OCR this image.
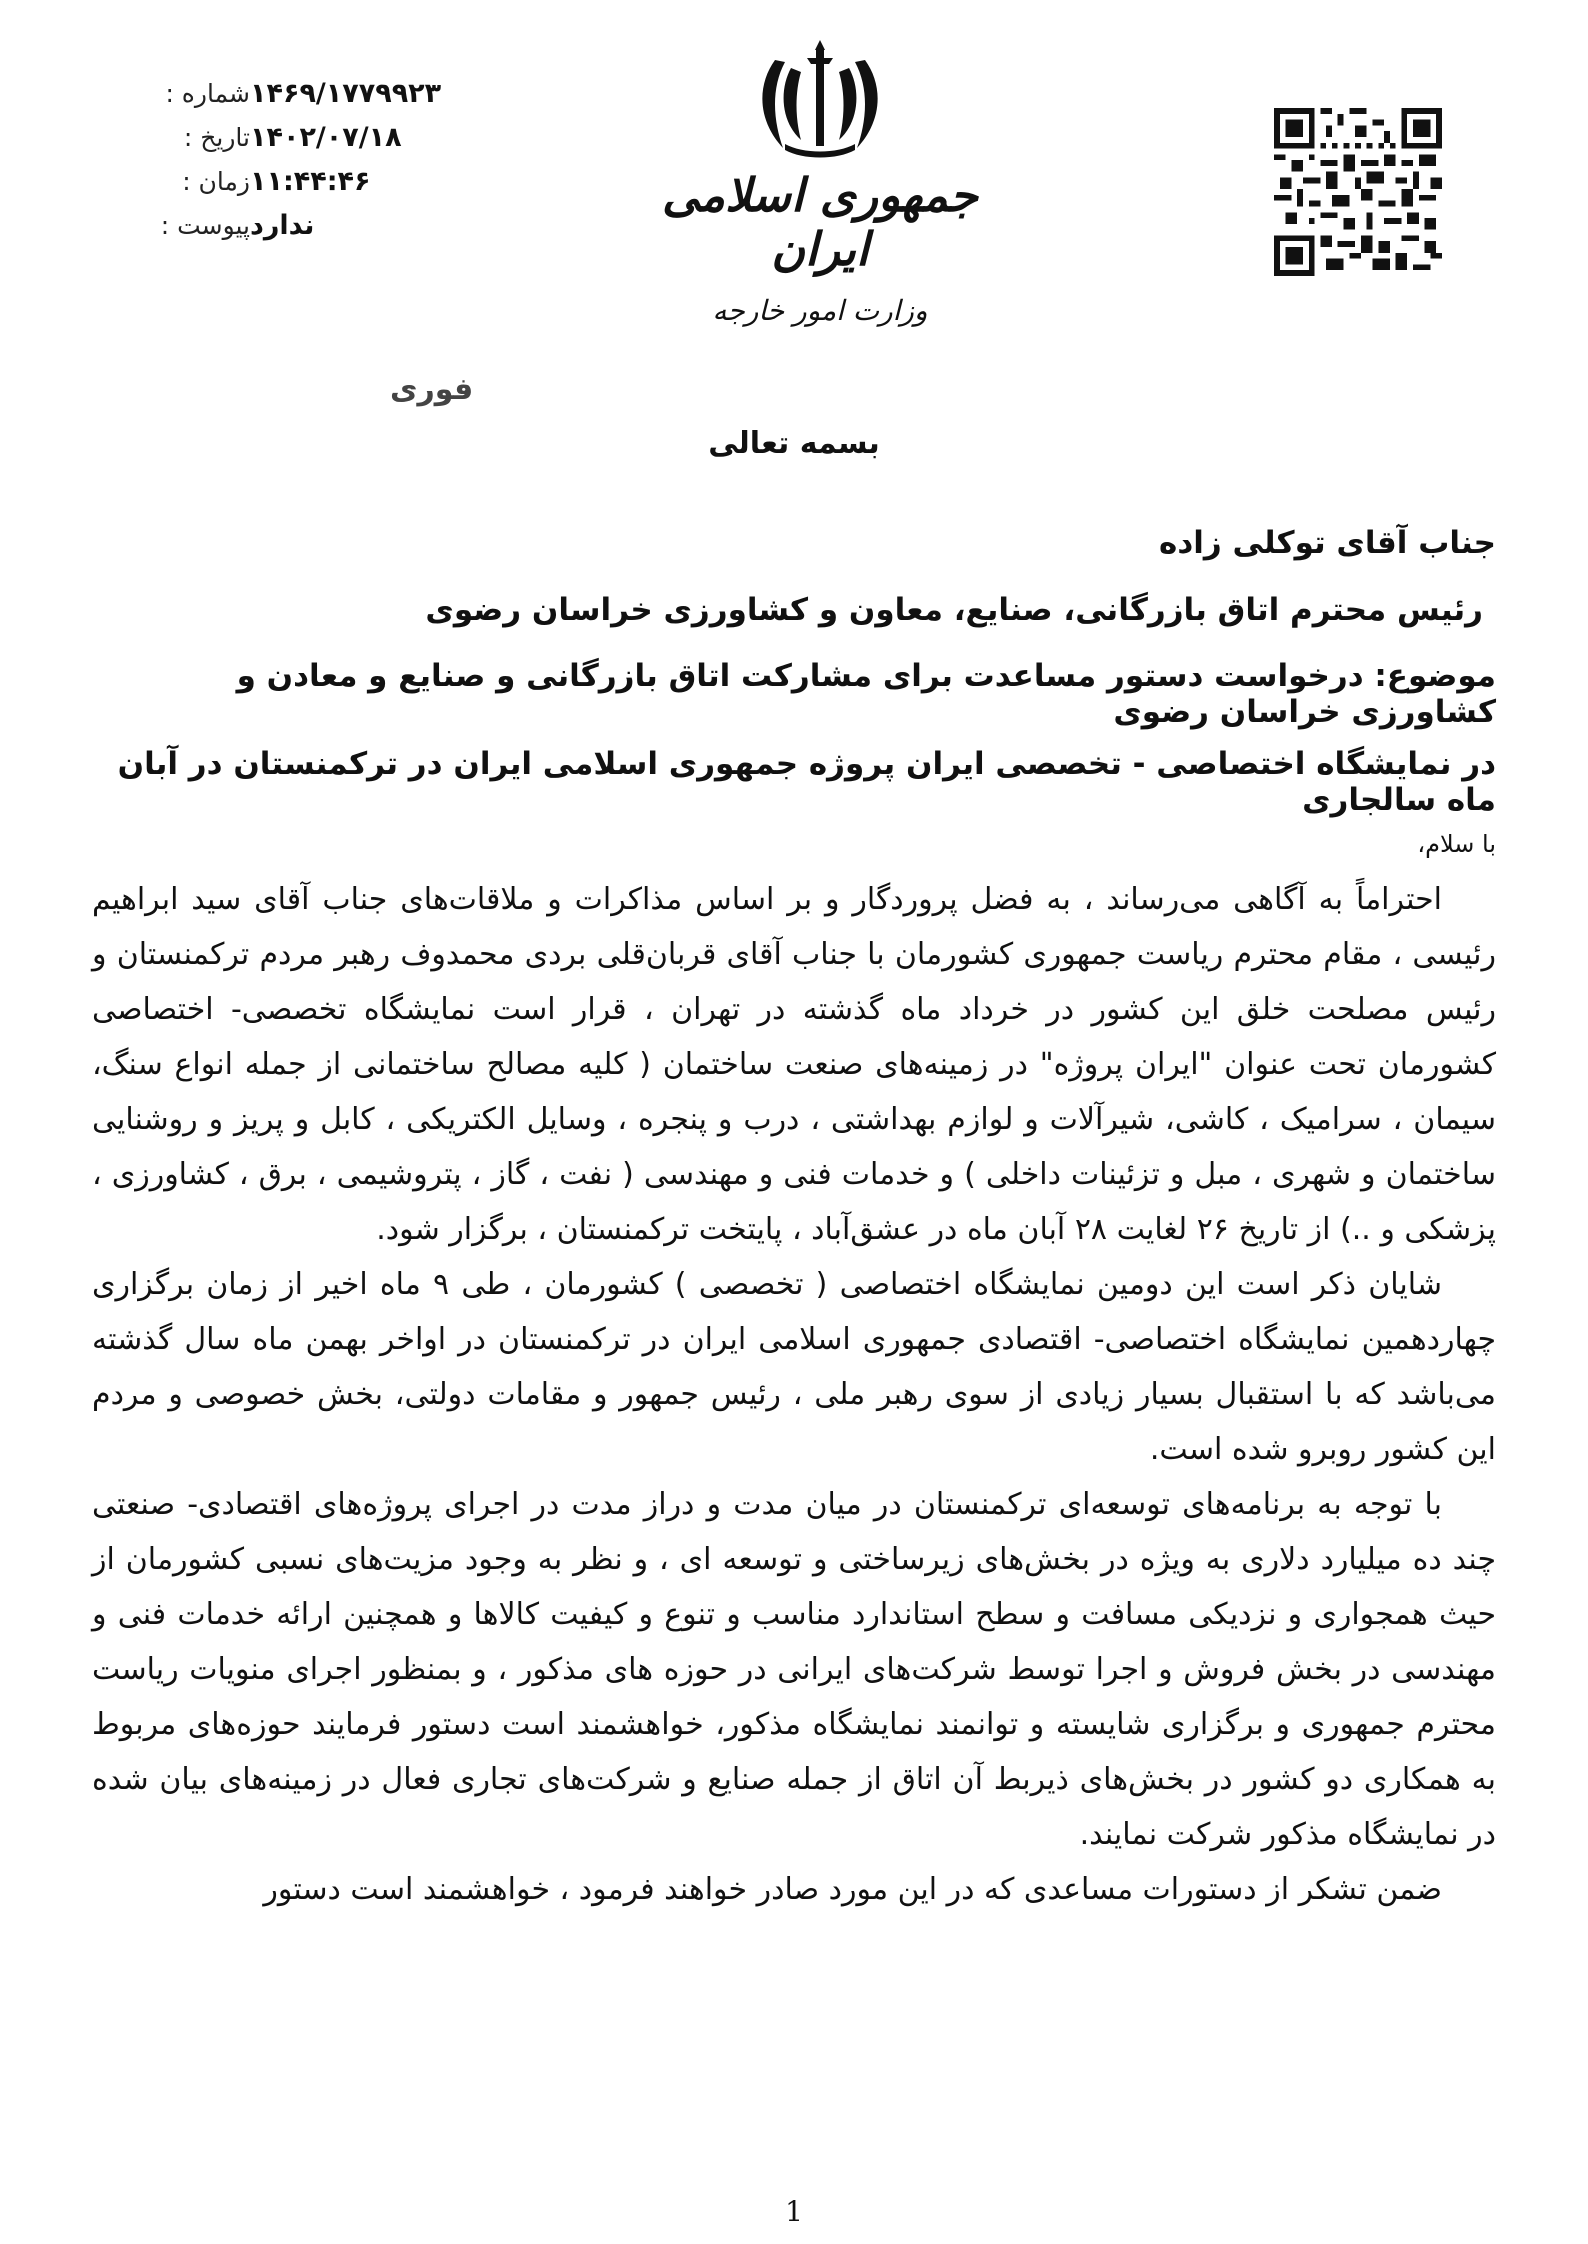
شماره : ۱۴۶۹/۱۷۷۹۹۲۳
تاریخ : ۱۴۰۲/۰۷/۱۸
زمان : ۱۱:۴۴:۴۶
پیوست : ندارد
جمهوری اسلامی ایران
وزارت امور خارجه
فوری
بسمه تعالی
جناب آقای توکلی زاده
رئیس محترم اتاق بازرگانی، صنایع، معاون و کشاورزی خراسان رضوی
موضوع: درخواست دستور مساعدت برای مشارکت اتاق بازرگانی و صنایع و معادن و کشاورزی خراسان رضوی
در نمایشگاه اختصاصی - تخصصی ایران پروژه جمهوری اسلامی ایران در ترکمنستان در آبان ماه سالجاری
با سلام،

احتراماً به آگاهی می‌رساند ، به فضل پروردگار و بر اساس مذاکرات و ملاقات‌های جناب آقای سید ابراهیم رئیسی ، مقام محترم ریاست جمهوری کشورمان با جناب آقای قربان‌قلی بردی محمدوف رهبر مردم ترکمنستان و رئیس مصلحت خلق این کشور در خرداد ماه گذشته در تهران ، قرار است نمایشگاه تخصصی- اختصاصی کشورمان تحت عنوان "ایران پروژه" در زمینه‌های صنعت ساختمان ( کلیه مصالح ساختمانی از جمله انواع سنگ، سیمان ، سرامیک ، کاشی، شیرآلات و لوازم بهداشتی ، درب و پنجره ، وسایل الکتریکی ، کابل و پریز و روشنایی ساختمان و شهری ، مبل و تزئینات داخلی ) و خدمات فنی و مهندسی ( نفت ، گاز ، پتروشیمی ، برق ، کشاورزی ، پزشکی و ..) از تاریخ ۲۶ لغایت ۲۸ آبان ماه در عشق‌آباد ، پایتخت ترکمنستان ، برگزار شود.

شایان ذکر است این دومین نمایشگاه اختصاصی ( تخصصی ) کشورمان ، طی ۹ ماه اخیر از زمان برگزاری چهاردهمین نمایشگاه اختصاصی- اقتصادی جمهوری اسلامی ایران در ترکمنستان در اواخر بهمن ماه سال گذشته می‌باشد که با استقبال بسیار زیادی از سوی رهبر ملی ، رئیس جمهور و مقامات دولتی، بخش خصوصی و مردم این کشور روبرو شده است.

با توجه به برنامه‌های توسعه‌ای ترکمنستان در میان مدت و دراز مدت در اجرای پروژه‌های اقتصادی- صنعتی چند ده میلیارد دلاری به ویژه در بخش‌های زیرساختی و توسعه ای ، و نظر به وجود مزیت‌های نسبی کشورمان از حیث همجواری و نزدیکی مسافت و سطح استاندارد مناسب و تنوع و کیفیت کالاها و همچنین ارائه خدمات فنی و مهندسی در بخش فروش و اجرا توسط شرکت‌های ایرانی در حوزه های مذکور ، و بمنظور اجرای منویات ریاست محترم جمهوری و برگزاری شایسته و توانمند نمایشگاه مذکور، خواهشمند است دستور فرمایند حوزه‌های مربوط به همکاری دو کشور در بخش‌های ذیربط آن اتاق از جمله صنایع و شرکت‌های تجاری فعال در زمینه‌های بیان شده در نمایشگاه مذکور شرکت نمایند.

ضمن تشکر از دستورات مساعدی که در این مورد صادر خواهند فرمود ، خواهشمند است دستور

1
